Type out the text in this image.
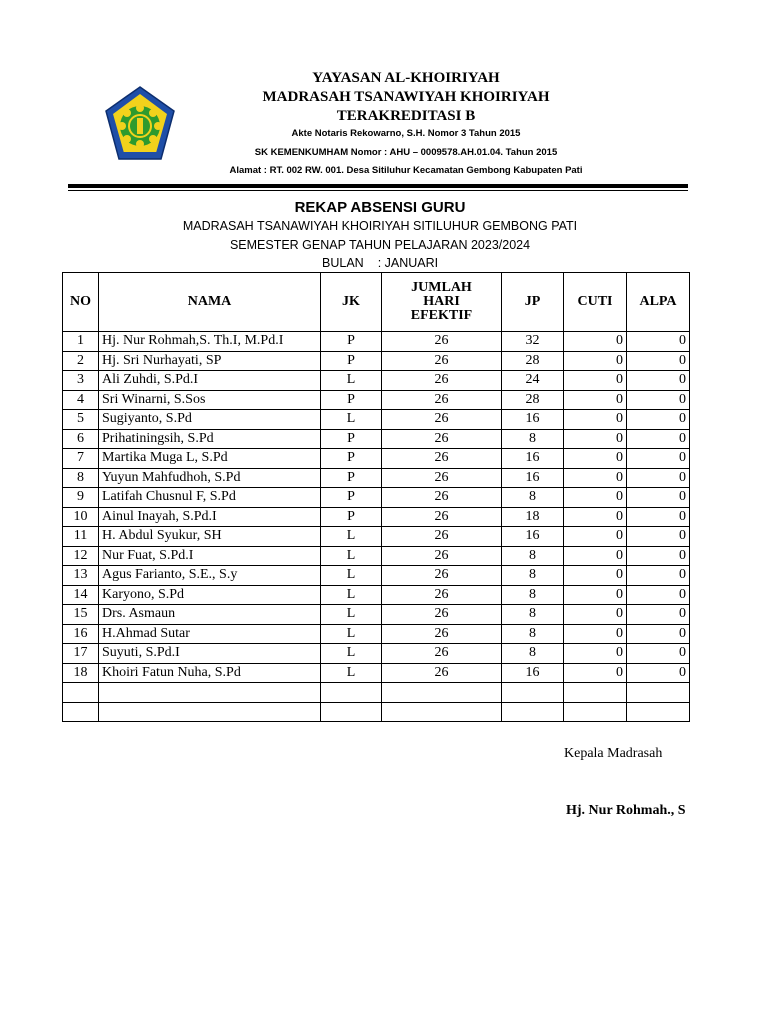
YAYASAN AL-KHOIRIYAH
MADRASAH TSANAWIYAH KHOIRIYAH
TERAKREDITASI B
Akte Notaris Rekowarno, S.H. Nomor 3 Tahun 2015
SK KEMENKUMHAM Nomor : AHU – 0009578.AH.01.04. Tahun 2015
Alamat : RT. 002 RW. 001. Desa Sitiluhur Kecamatan Gembong Kabupaten Pati
REKAP ABSENSI GURU
MADRASAH TSANAWIYAH KHOIRIYAH SITILUHUR GEMBONG PATI
SEMESTER GENAP TAHUN PELAJARAN 2023/2024
BULAN : JANUARI
NO	NAMA	JK	JUMLAH HARI EFEKTIF	JP	CUTI	ALPA
1	Hj. Nur Rohmah,S. Th.I, M.Pd.I	P	26	32	0	0
2	Hj. Sri Nurhayati, SP	P	26	28	0	0
3	Ali Zuhdi, S.Pd.I	L	26	24	0	0
4	Sri Winarni, S.Sos	P	26	28	0	0
5	Sugiyanto, S.Pd	L	26	16	0	0
6	Prihatiningsih, S.Pd	P	26	8	0	0
7	Martika Muga L, S.Pd	P	26	16	0	0
8	Yuyun Mahfudhoh, S.Pd	P	26	16	0	0
9	Latifah Chusnul F, S.Pd	P	26	8	0	0
10	Ainul Inayah, S.Pd.I	P	26	18	0	0
11	H. Abdul Syukur, SH	L	26	16	0	0
12	Nur Fuat, S.Pd.I	L	26	8	0	0
13	Agus Farianto, S.E., S.y	L	26	8	0	0
14	Karyono, S.Pd	L	26	8	0	0
15	Drs. Asmaun	L	26	8	0	0
16	H.Ahmad Sutar	L	26	8	0	0
17	Suyuti, S.Pd.I	L	26	8	0	0
18	Khoiri Fatun Nuha, S.Pd	L	26	16	0	0

Kepala Madrasah
Hj. Nur Rohmah., S
